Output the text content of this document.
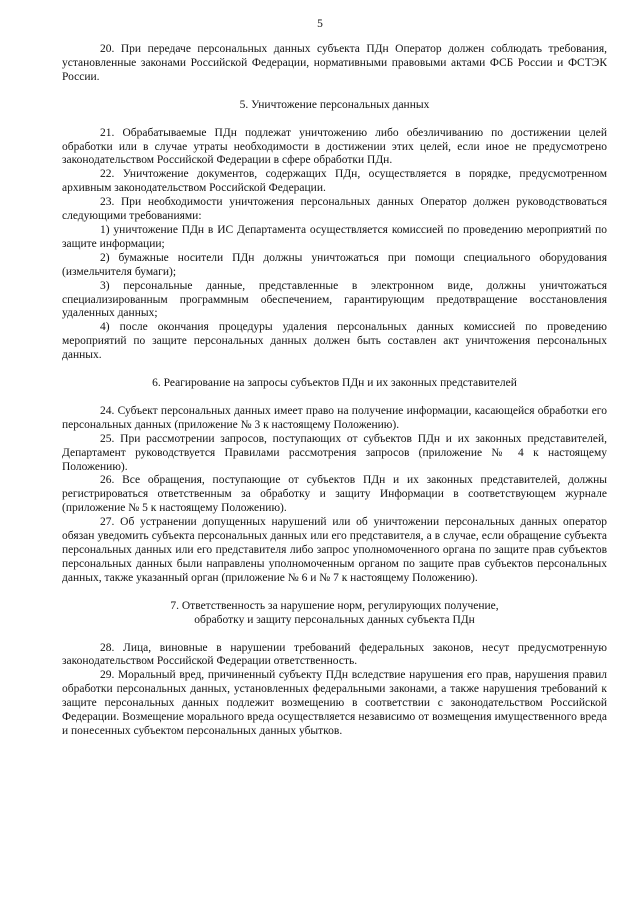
5

20. При передаче персональных данных субъекта ПДн Оператор должен соблюдать требования, установленные законами Российской Федерации, нормативными правовыми актами ФСБ России и ФСТЭК России.

5. Уничтожение персональных данных

21. Обрабатываемые ПДн подлежат уничтожению либо обезличиванию по достижении целей обработки или в случае утраты необходимости в достижении этих целей, если иное не предусмотрено законодательством Российской Федерации в сфере обработки ПДн.

22. Уничтожение документов, содержащих ПДн, осуществляется в порядке, предусмотренном архивным законодательством Российской Федерации.

23. При необходимости уничтожения персональных данных Оператор должен руководствоваться следующими требованиями:

1) уничтожение ПДн в ИС Департамента осуществляется комиссией по проведению мероприятий по защите информации;

2) бумажные носители ПДн должны уничтожаться при помощи специального оборудования (измельчителя бумаги);

3) персональные данные, представленные в электронном виде, должны уничтожаться специализированным программным обеспечением, гарантирующим предотвращение восстановления удаленных данных;

4) после окончания процедуры удаления персональных данных комиссией по проведению мероприятий по защите персональных данных должен быть составлен акт уничтожения персональных данных.

6. Реагирование на запросы субъектов ПДн и их законных представителей

24. Субъект персональных данных имеет право на получение информации, касающейся обработки его персональных данных (приложение № 3 к настоящему Положению).

25. При рассмотрении запросов, поступающих от субъектов ПДн и их законных представителей, Департамент руководствуется Правилами рассмотрения запросов (приложение № 4 к настоящему Положению).

26. Все обращения, поступающие от субъектов ПДн и их законных представителей, должны регистрироваться ответственным за обработку и защиту Информации в соответствующем журнале (приложение № 5 к настоящему Положению).

27. Об устранении допущенных нарушений или об уничтожении персональных данных оператор обязан уведомить субъекта персональных данных или его представителя, а в случае, если обращение субъекта персональных данных или его представителя либо запрос уполномоченного органа по защите прав субъектов персональных данных были направлены уполномоченным органом по защите прав субъектов персональных данных, также указанный орган (приложение № 6 и № 7 к настоящему Положению).

7. Ответственность за нарушение норм, регулирующих получение,
обработку и защиту персональных данных субъекта ПДн

28. Лица, виновные в нарушении требований федеральных законов, несут предусмотренную законодательством Российской Федерации ответственность.

29. Моральный вред, причиненный субъекту ПДн вследствие нарушения его прав, нарушения правил обработки персональных данных, установленных федеральными законами, а также нарушения требований к защите персональных данных подлежит возмещению в соответствии с законодательством Российской Федерации. Возмещение морального вреда осуществляется независимо от возмещения имущественного вреда и понесенных субъектом персональных данных убытков.
